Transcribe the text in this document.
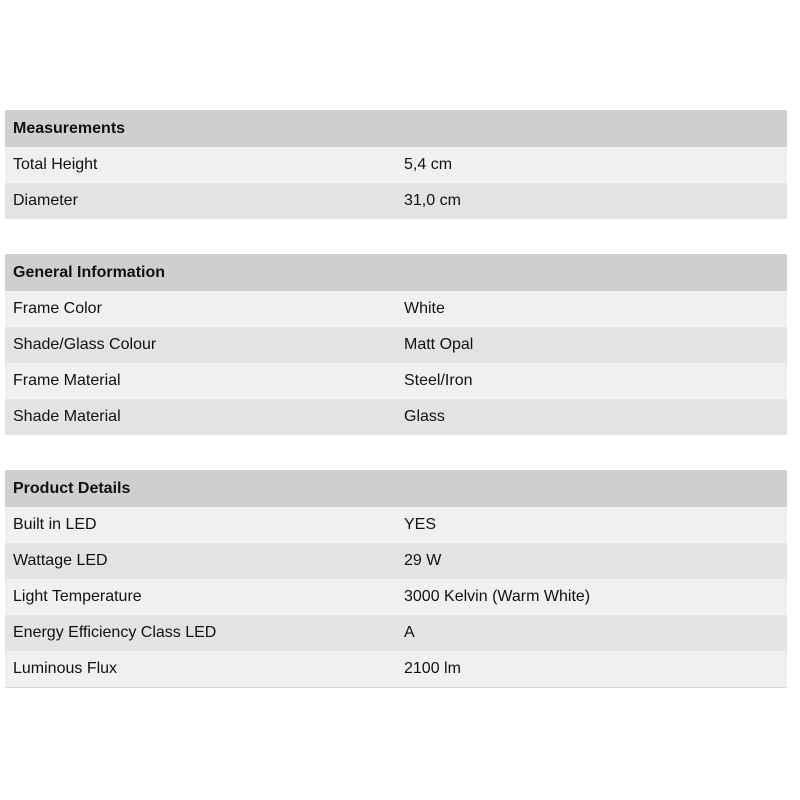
Measurements	
Total Height	5,4 cm
Diameter	31,0 cm
General Information	
Frame Color	White
Shade/Glass Colour	Matt Opal
Frame Material	Steel/Iron
Shade Material	Glass
Product Details	
Built in LED	YES
Wattage LED	29 W
Light Temperature	3000 Kelvin (Warm White)
Energy Efficiency Class LED	A
Luminous Flux	2100 lm
